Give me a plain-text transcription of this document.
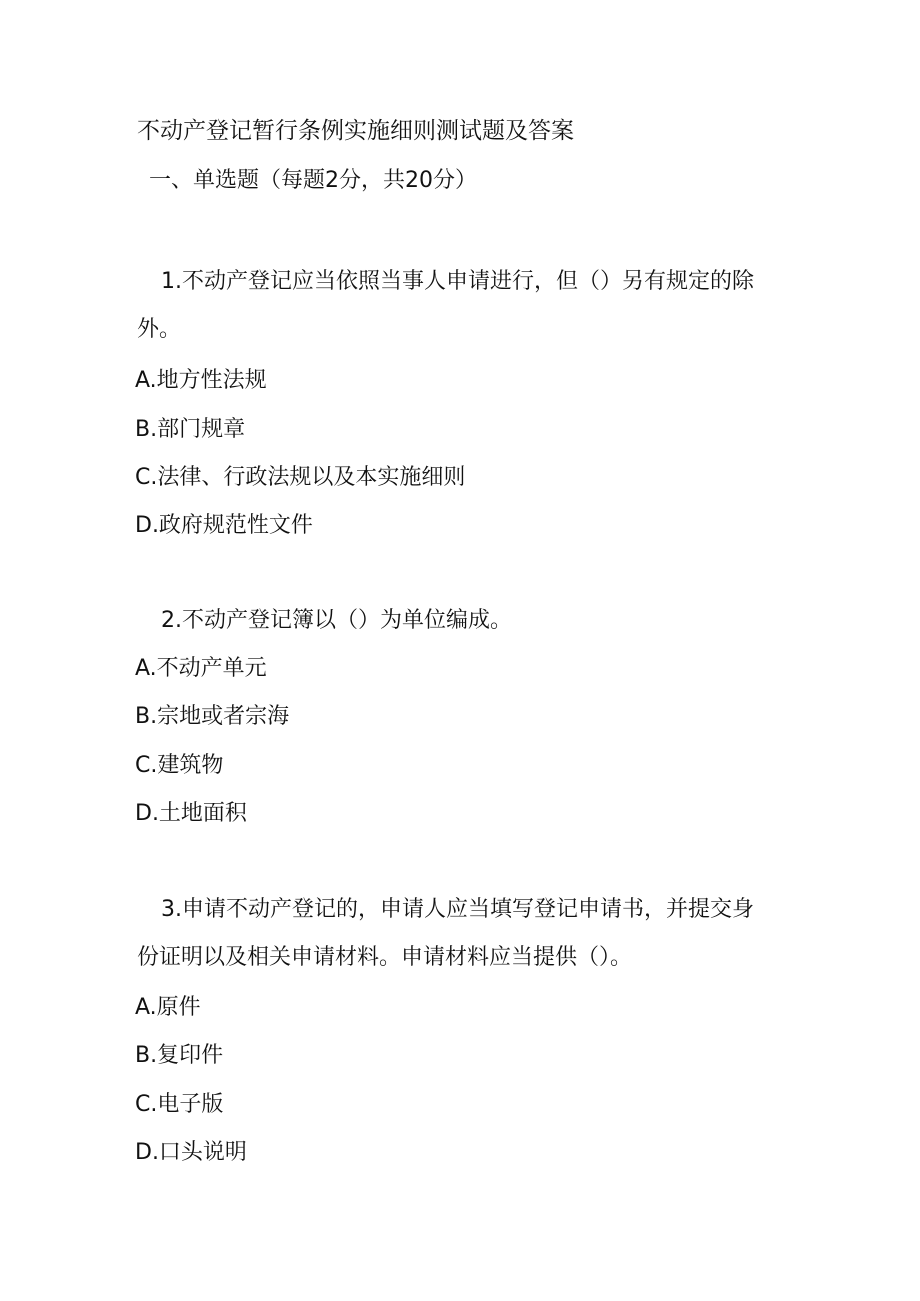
不动产登记暂行条例实施细则测试题及答案
一、单选题（每题2分，共20分）
1.不动产登记应当依照当事人申请进行，但（）另有规定的除
外。
A.地方性法规
B.部门规章
C.法律、行政法规以及本实施细则
D.政府规范性文件
2.不动产登记簿以（）为单位编成。
A.不动产单元
B.宗地或者宗海
C.建筑物
D.土地面积
3.申请不动产登记的，申请人应当填写登记申请书，并提交身
份证明以及相关申请材料。申请材料应当提供（）。
A.原件
B.复印件
C.电子版
D.口头说明
